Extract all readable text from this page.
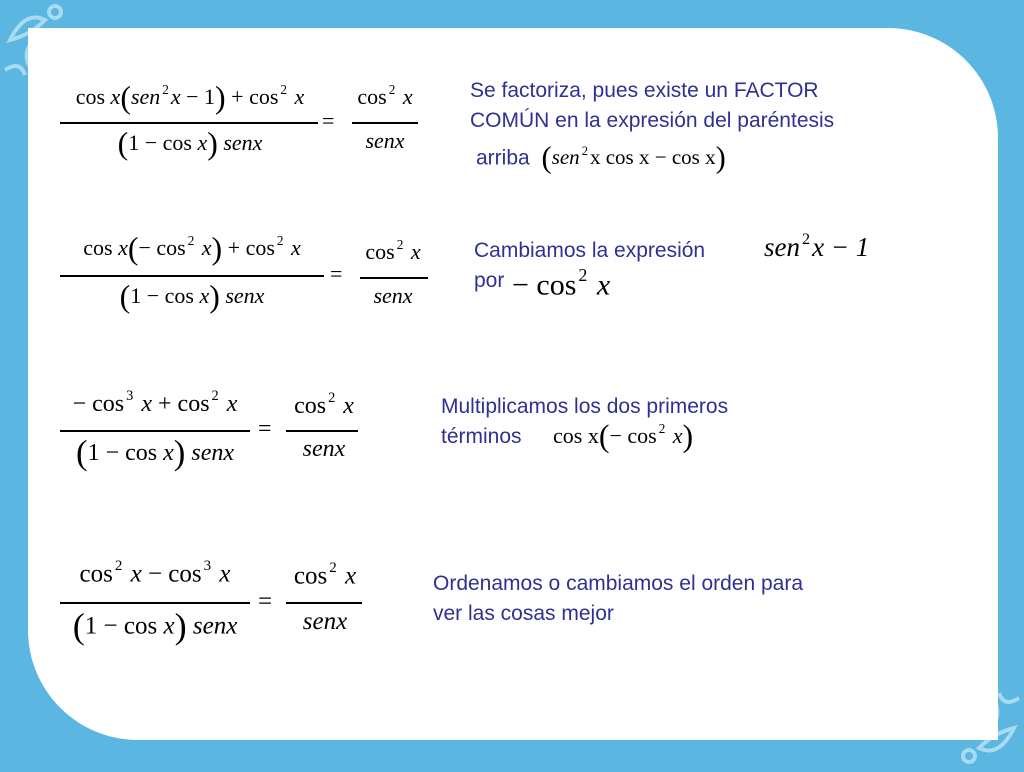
cos x(sen $^2$x − 1) + cos $^2$ x
(1 − cos x) senx
=
cos $^2$ x
senx
Se factoriza, pues existe un FACTOR
COMÚN en la expresión del paréntesis
arriba (sen $^2$x cos x − cos x)
cos x(− cos $^2$ x) + cos $^2$ x
(1 − cos x) senx
=
cos $^2$ x
senx
Cambiamos la expresión sen $^2$x − 1
por − cos $^2$ x
− cos $^3$ x + cos $^2$ x
(1 − cos x) senx
=
cos $^2$ x
senx
Multiplicamos los dos primeros
términos cos x(− cos $^2$ x)
cos $^2$ x − cos $^3$ x
(1 − cos x) senx
=
cos $^2$ x
senx
Ordenamos o cambiamos el orden para
ver las cosas mejor
